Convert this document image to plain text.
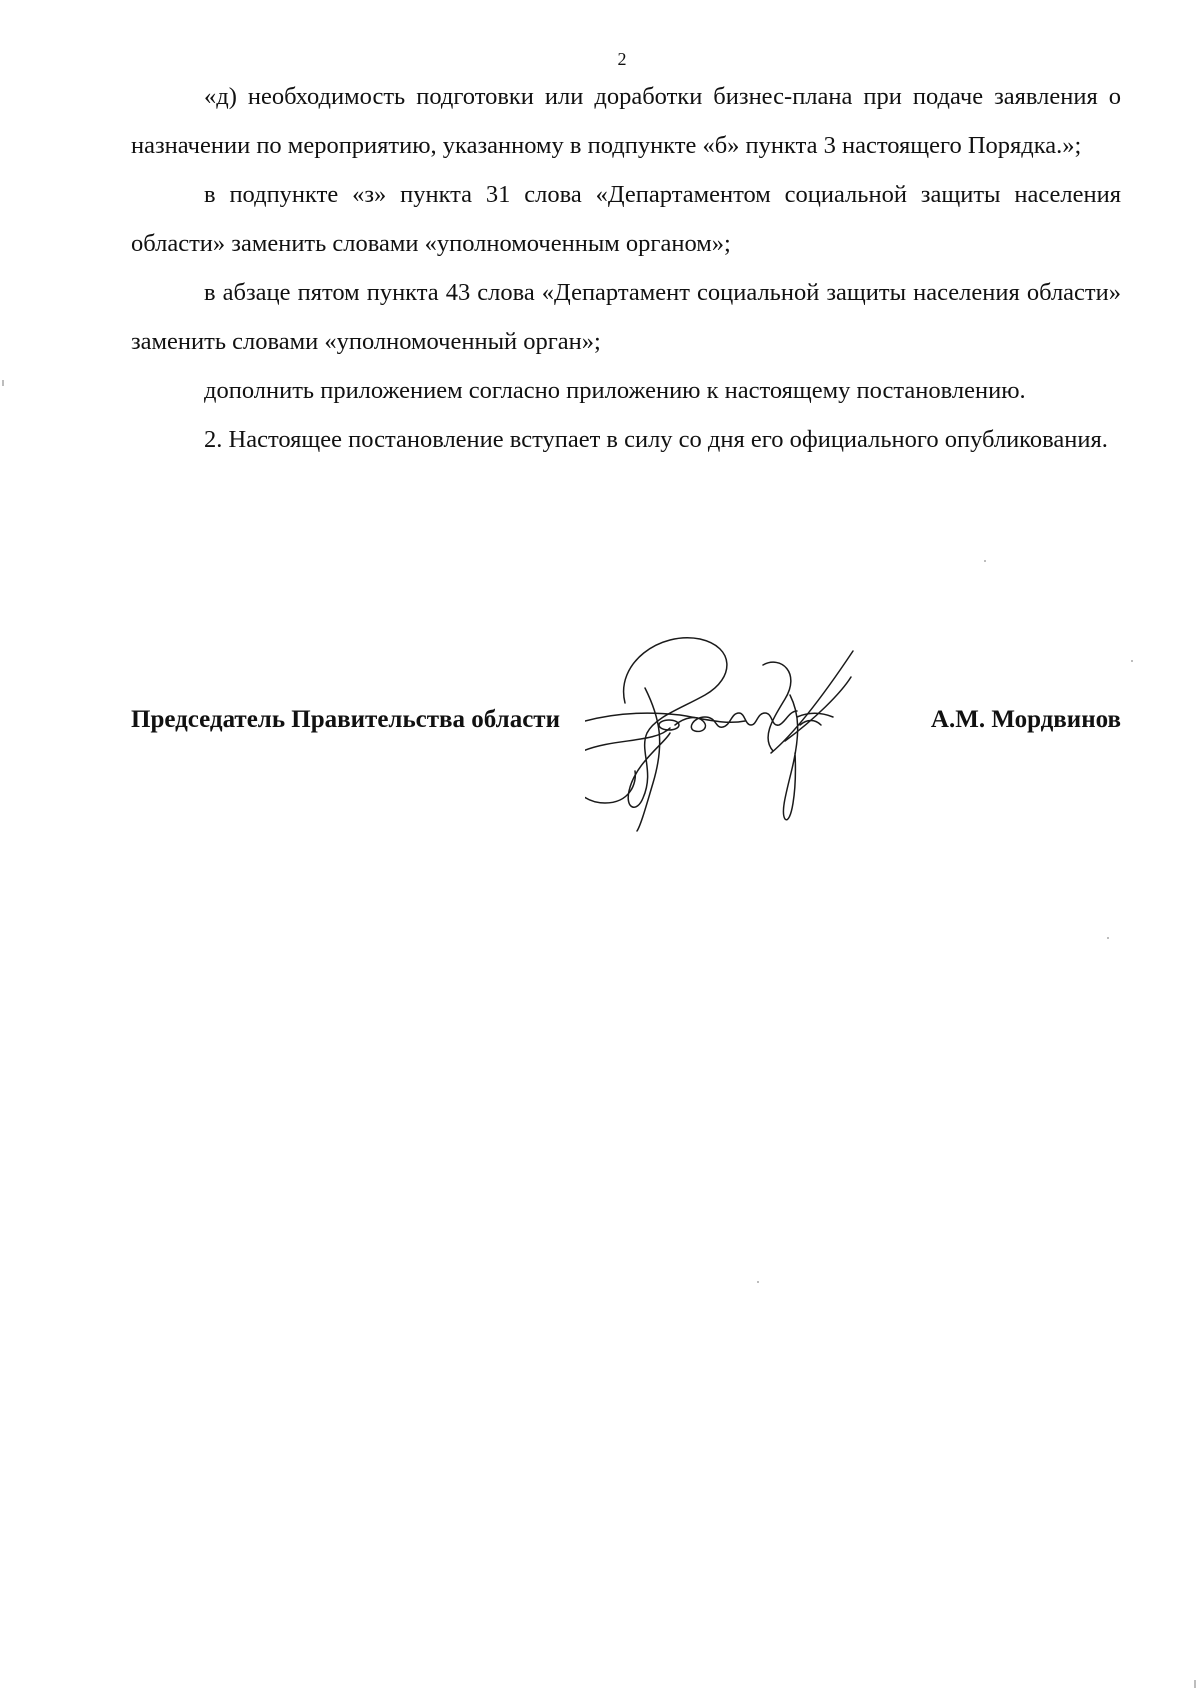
2

«д) необходимость подготовки или доработки бизнес-плана при подаче заявления о назначении по мероприятию, указанному в подпункте «б» пункта 3 настоящего Порядка.»;

в подпункте «з» пункта 31 слова «Департаментом социальной защиты населения области» заменить словами «уполномоченным органом»;

в абзаце пятом пункта 43 слова «Департамент социальной защиты населения области» заменить словами «уполномоченный орган»;

дополнить приложением согласно приложению к настоящему постановлению.

2. Настоящее постановление вступает в силу со дня его официального опубликования.

Председатель Правительства области	А.М. Мордвинов
